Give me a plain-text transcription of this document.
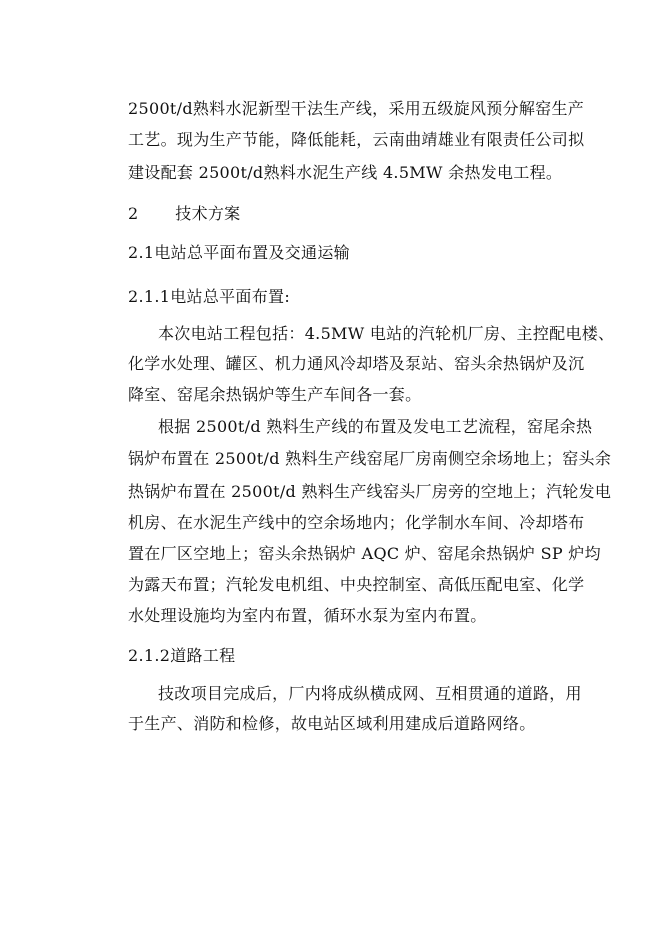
2500t/d熟料水泥新型干法生产线，采用五级旋风预分解窑生产
工艺。现为生产节能，降低能耗，云南曲靖雄业有限责任公司拟
建设配套 2500t/d熟料水泥生产线 4.5MW 余热发电工程。
2 技术方案
2.1电站总平面布置及交通运输
2.1.1电站总平面布置:
本次电站工程包括：4.5MW 电站的汽轮机厂房、主控配电楼、
化学水处理、罐区、机力通风冷却塔及泵站、窑头余热锅炉及沉
降室、窑尾余热锅炉等生产车间各一套。
根据 2500t/d 熟料生产线的布置及发电工艺流程，窑尾余热
锅炉布置在 2500t/d 熟料生产线窑尾厂房南侧空余场地上；窑头余
热锅炉布置在 2500t/d 熟料生产线窑头厂房旁的空地上；汽轮发电
机房、在水泥生产线中的空余场地内；化学制水车间、冷却塔布
置在厂区空地上；窑头余热锅炉 AQC 炉、窑尾余热锅炉 SP 炉均
为露天布置；汽轮发电机组、中央控制室、高低压配电室、化学
水处理设施均为室内布置，循环水泵为室内布置。
2.1.2道路工程
技改项目完成后，厂内将成纵横成网、互相贯通的道路，用
于生产、消防和检修，故电站区域利用建成后道路网络。
